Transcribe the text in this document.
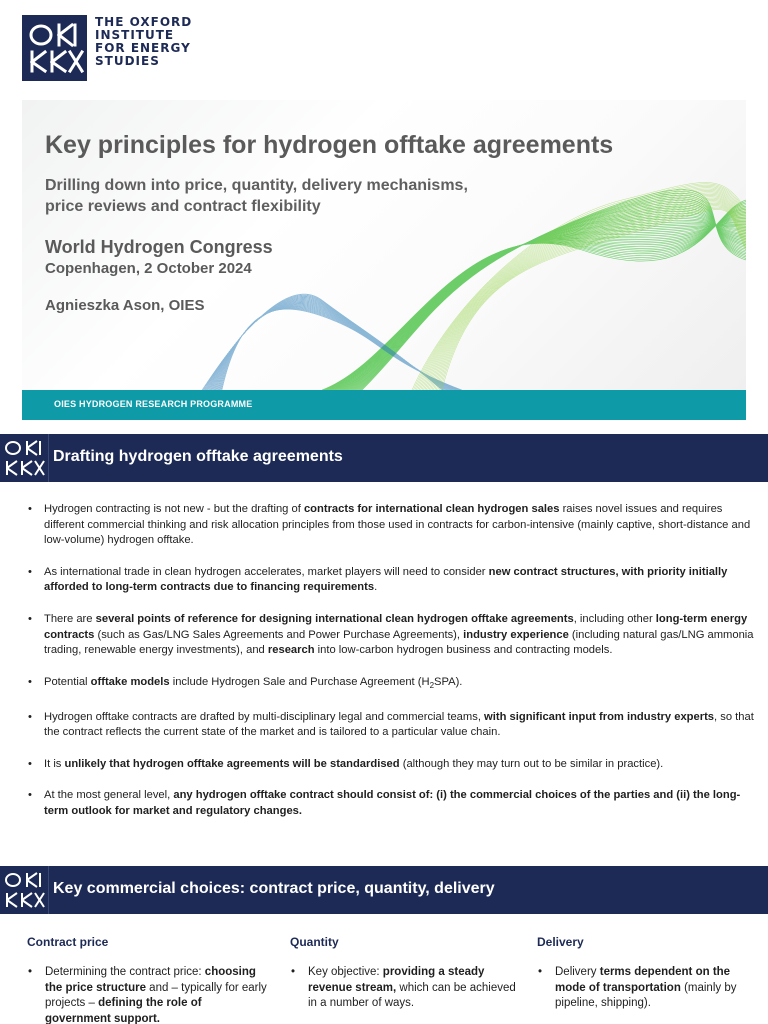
THE OXFORD
INSTITUTE
FOR ENERGY
STUDIES
Key principles for hydrogen offtake agreements
Drilling down into price, quantity, delivery mechanisms,
price reviews and contract flexibility
World Hydrogen Congress
Copenhagen, 2 October 2024
Agnieszka Ason, OIES
OIES HYDROGEN RESEARCH PROGRAMME
Drafting hydrogen offtake agreements
• Hydrogen contracting is not new - but the drafting of contracts for international clean hydrogen sales raises novel issues and requires different commercial thinking and risk allocation principles from those used in contracts for carbon-intensive (mainly captive, short-distance and low-volume) hydrogen offtake.
• As international trade in clean hydrogen accelerates, market players will need to consider new contract structures, with priority initially afforded to long-term contracts due to financing requirements.
• There are several points of reference for designing international clean hydrogen offtake agreements, including other long-term energy contracts (such as Gas/LNG Sales Agreements and Power Purchase Agreements), industry experience (including natural gas/LNG ammonia trading, renewable energy investments), and research into low-carbon hydrogen business and contracting models.
• Potential offtake models include Hydrogen Sale and Purchase Agreement $(H_2SPA)$.
• Hydrogen offtake contracts are drafted by multi-disciplinary legal and commercial teams, with significant input from industry experts, so that the contract reflects the current state of the market and is tailored to a particular value chain.
• It is unlikely that hydrogen offtake agreements will be standardised (although they may turn out to be similar in practice).
• At the most general level, any hydrogen offtake contract should consist of: (i) the commercial choices of the parties and (ii) the long-term outlook for market and regulatory changes.
Key commercial choices: contract price, quantity, delivery
Contract price
• Determining the contract price: choosing the price structure and – typically for early projects – defining the role of government support.
Quantity
• Key objective: providing a steady revenue stream, which can be achieved in a number of ways.
Delivery
• Delivery terms dependent on the mode of transportation (mainly by pipeline, shipping).
